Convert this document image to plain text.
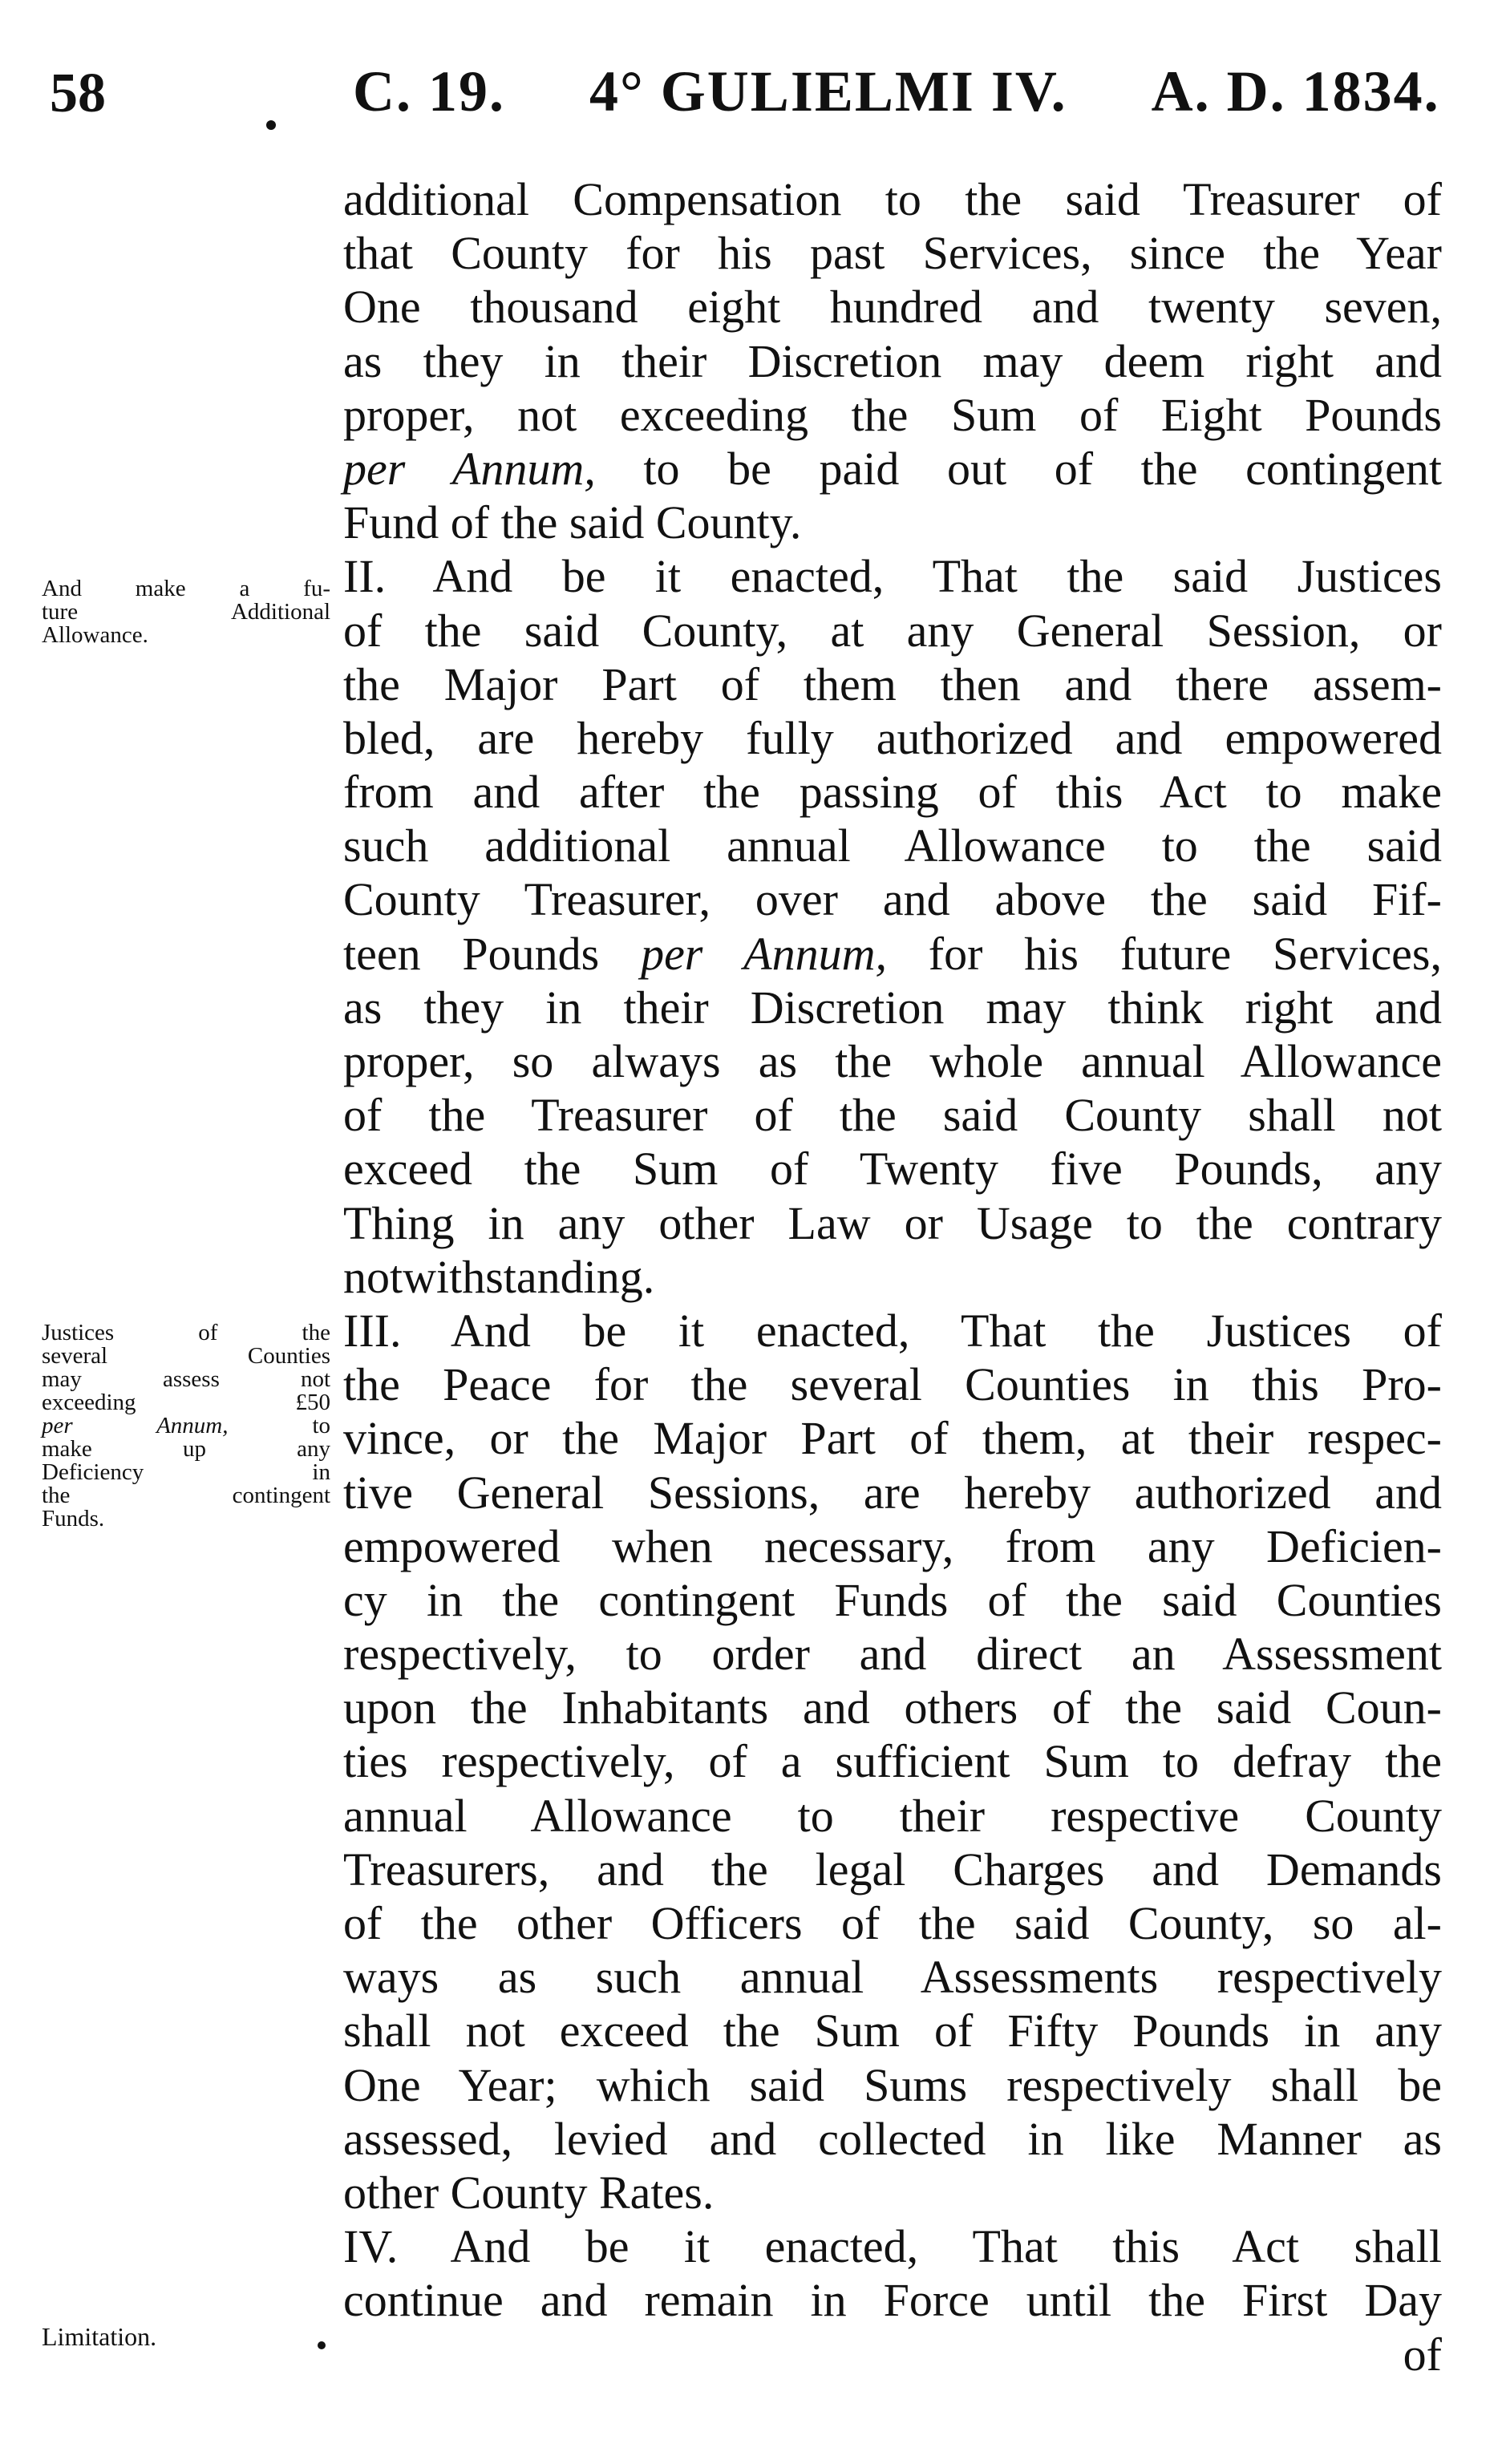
58	C. 19. 4° GULIELMI IV. A. D. 1834.
additional Compensation to the said Treasurer of
that County for his past Services, since the Year
One thousand eight hundred and twenty seven,
as they in their Discretion may deem right and
proper, not exceeding the Sum of Eight Pounds
per Annum, to be paid out of the contingent
Fund of the said County.
II. And be it enacted, That the said Justices
of the said County, at any General Session, or
the Major Part of them then and there assem-
bled, are hereby fully authorized and empowered
from and after the passing of this Act to make
such additional annual Allowance to the said
County Treasurer, over and above the said Fif-
teen Pounds per Annum, for his future Services,
as they in their Discretion may think right and
proper, so always as the whole annual Allowance
of the Treasurer of the said County shall not
exceed the Sum of Twenty five Pounds, any
Thing in any other Law or Usage to the contrary
notwithstanding.
III. And be it enacted, That the Justices of
the Peace for the several Counties in this Pro-
vince, or the Major Part of them, at their respec-
tive General Sessions, are hereby authorized and
empowered when necessary, from any Deficien-
cy in the contingent Funds of the said Counties
respectively, to order and direct an Assessment
upon the Inhabitants and others of the said Coun-
ties respectively, of a sufficient Sum to defray the
annual Allowance to their respective County
Treasurers, and the legal Charges and Demands
of the other Officers of the said County, so al-
ways as such annual Assessments respectively
shall not exceed the Sum of Fifty Pounds in any
One Year; which said Sums respectively shall be
assessed, levied and collected in like Manner as
other County Rates.
IV. And be it enacted, That this Act shall
continue and remain in Force until the First Day
of
And make a fu-
ture Additional
Allowance.
Justices of the
several Counties
may assess not
exceeding £50
per Annum,	to
make up any
Deficiency in
the contingent
Funds.
Limitation.
